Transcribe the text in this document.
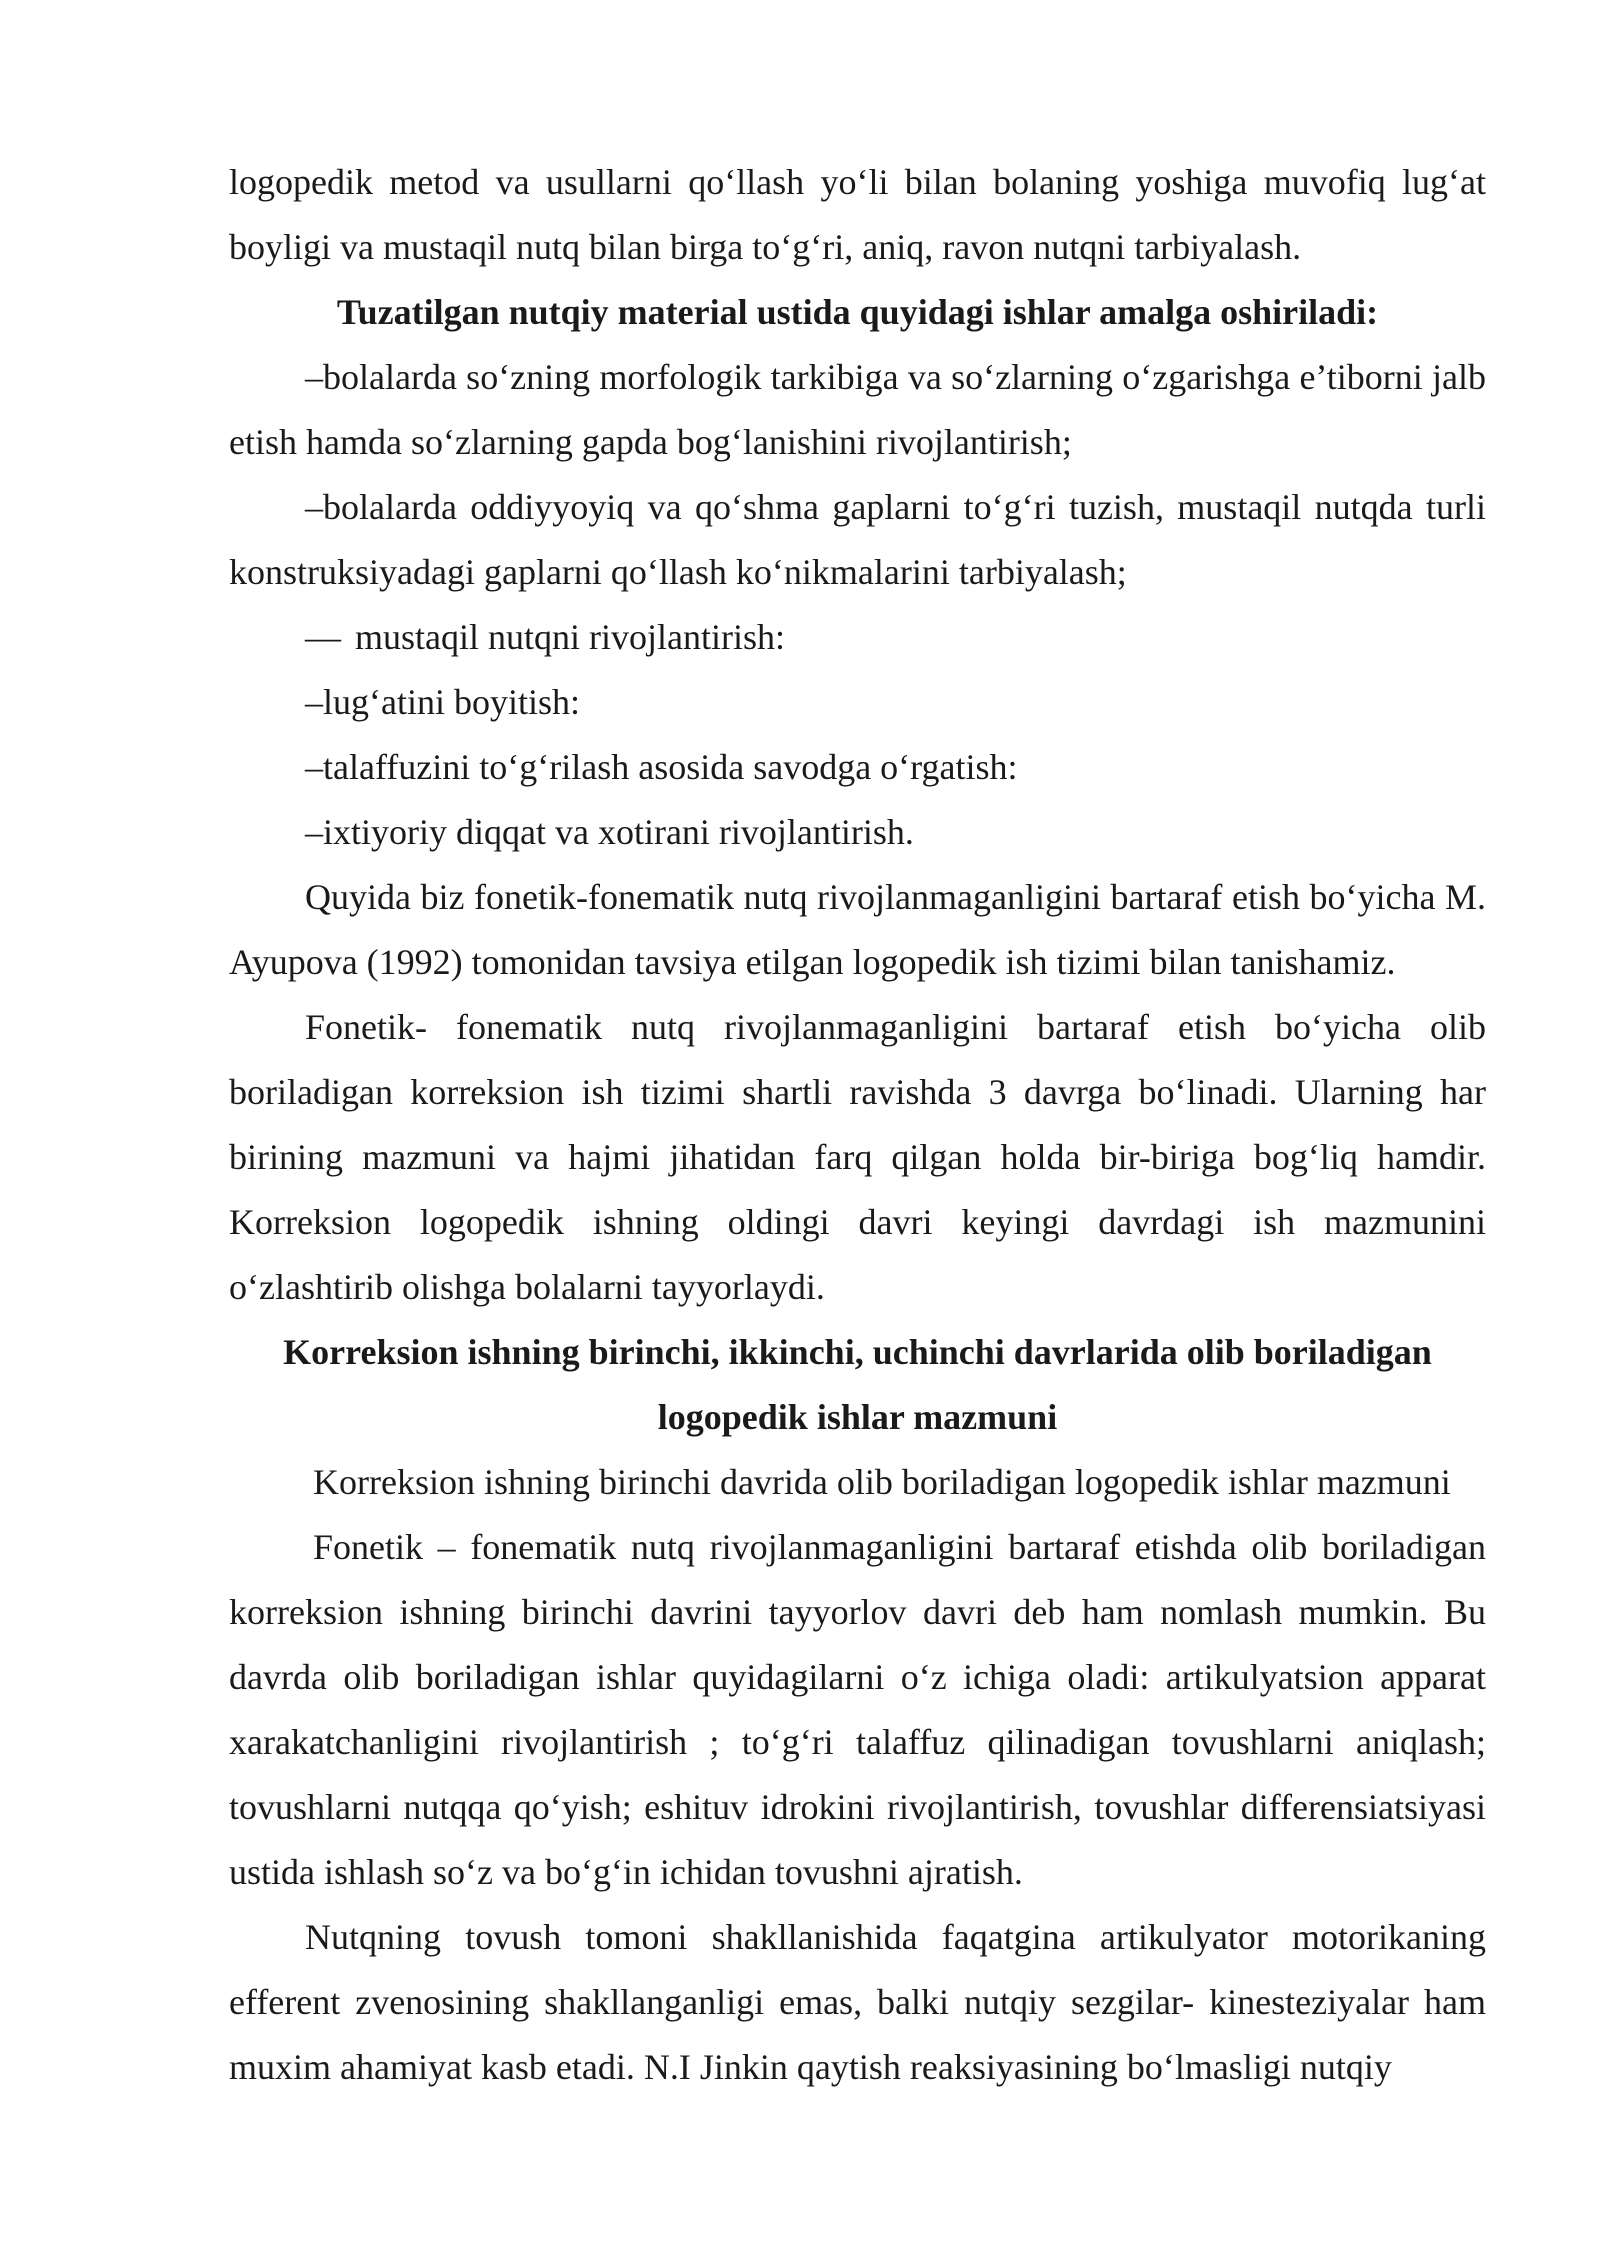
logopedik metod va usullarni qo‘llash yo‘li bilan bolaning yoshiga muvofiq lug‘at boyligi va mustaqil nutq bilan birga to‘g‘ri, aniq, ravon nutqni tarbiyalash.

Tuzatilgan nutqiy material ustida quyidagi ishlar amalga oshiriladi:

–bolalarda so‘zning morfologik tarkibiga va so‘zlarning o‘zgarishga e’tiborni jalb etish hamda so‘zlarning gapda bog‘lanishini rivojlantirish;

–bolalarda oddiyyoyiq va qo‘shma gaplarni to‘g‘ri tuzish, mustaqil nutqda turli konstruksiyadagi gaplarni qo‘llash ko‘nikmalarini tarbiyalash;

— mustaqil nutqni rivojlantirish:

–lug‘atini boyitish:

–talaffuzini to‘g‘rilash asosida savodga o‘rgatish:

–ixtiyoriy diqqat va xotirani rivojlantirish.

Quyida biz fonetik-fonematik nutq rivojlanmaganligini bartaraf etish bo‘yicha M. Ayupova (1992) tomonidan tavsiya etilgan logopedik ish tizimi bilan tanishamiz.

Fonetik- fonematik nutq rivojlanmaganligini bartaraf etish bo‘yicha olib boriladigan korreksion ish tizimi shartli ravishda 3 davrga bo‘linadi. Ularning har birining mazmuni va hajmi jihatidan farq qilgan holda bir-biriga bog‘liq hamdir. Korreksion logopedik ishning oldingi davri keyingi davrdagi ish mazmunini o‘zlashtirib olishga bolalarni tayyorlaydi.

Korreksion ishning birinchi, ikkinchi, uchinchi davrlarida olib boriladigan logopedik ishlar mazmuni

Korreksion ishning birinchi davrida olib boriladigan logopedik ishlar mazmuni

Fonetik – fonematik nutq rivojlanmaganligini bartaraf etishda olib boriladigan korreksion ishning birinchi davrini tayyorlov davri deb ham nomlash mumkin. Bu davrda olib boriladigan ishlar quyidagilarni o‘z ichiga oladi: artikulyatsion apparat xarakatchanligini rivojlantirish ; to‘g‘ri talaffuz qilinadigan tovushlarni aniqlash; tovushlarni nutqqa qo‘yish; eshituv idrokini rivojlantirish, tovushlar differensiatsiyasi ustida ishlash so‘z va bo‘g‘in ichidan tovushni ajratish.

Nutqning tovush tomoni shakllanishida faqatgina artikulyator motorikaning efferent zvenosining shakllanganligi emas, balki nutqiy sezgilar- kinesteziyalar ham muxim ahamiyat kasb etadi. N.I Jinkin qaytish reaksiyasining bo‘lmasligi nutqiy
